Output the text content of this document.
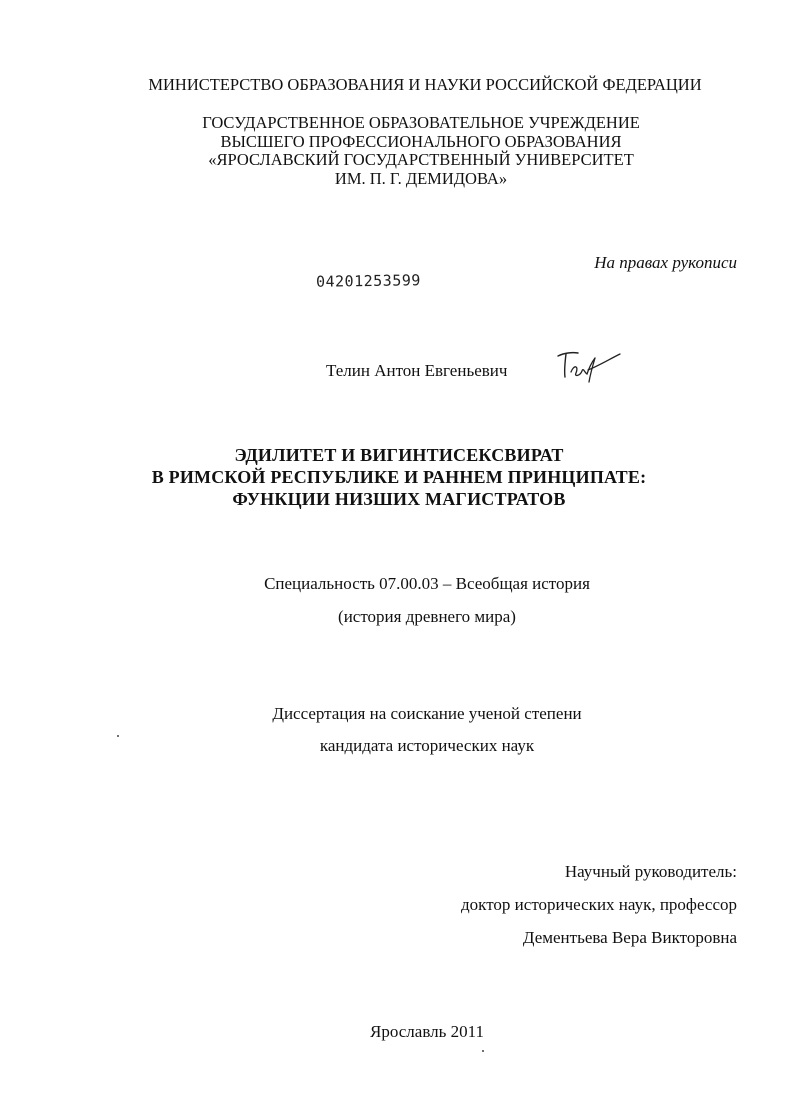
МИНИСТЕРСТВО ОБРАЗОВАНИЯ И НАУКИ РОССИЙСКОЙ ФЕДЕРАЦИИ
ГОСУДАРСТВЕННОЕ ОБРАЗОВАТЕЛЬНОЕ УЧРЕЖДЕНИЕ
ВЫСШЕГО ПРОФЕССИОНАЛЬНОГО ОБРАЗОВАНИЯ
«ЯРОСЛАВСКИЙ ГОСУДАРСТВЕННЫЙ УНИВЕРСИТЕТ
ИМ. П. Г. ДЕМИДОВА»
На правах рукописи
04201253599
Телин Антон Евгеньевич
ЭДИЛИТЕТ И ВИГИНТИСЕКСВИРАТ
В РИМСКОЙ РЕСПУБЛИКЕ И РАННЕМ ПРИНЦИПАТЕ:
ФУНКЦИИ НИЗШИХ МАГИСТРАТОВ
Специальность 07.00.03 – Всеобщая история
(история древнего мира)
Диссертация на соискание ученой степени
кандидата исторических наук
Научный руководитель:
доктор исторических наук, профессор
Дементьева Вера Викторовна
Ярославль 2011
